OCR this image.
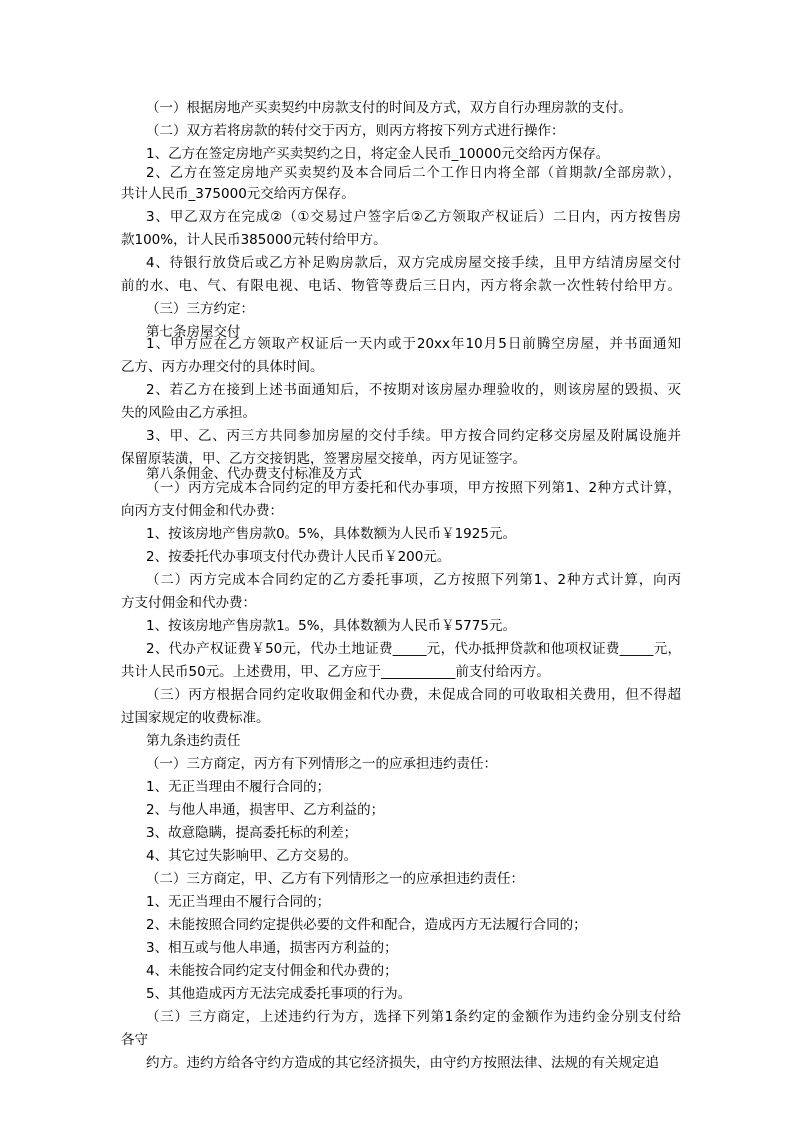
（一）根据房地产买卖契约中房款支付的时间及方式，双方自行办理房款的支付。

（二）双方若将房款的转付交于丙方，则丙方将按下列方式进行操作：

1、乙方在签定房地产买卖契约之日，将定金人民币_10000元交给丙方保存。

2、乙方在签定房地产买卖契约及本合同后二个工作日内将全部（首期款/全部房款），

共计人民币_375000元交给丙方保存。

3、甲乙双方在完成②（①交易过户签字后②乙方领取产权证后）二日内，丙方按售房

款100%，计人民币385000元转付给甲方。

4、待银行放贷后或乙方补足购房款后，双方完成房屋交接手续，且甲方结清房屋交付

前的水、电、气、有限电视、电话、物管等费后三日内，丙方将余款一次性转付给甲方。

（三）三方约定：

第七条房屋交付

1、甲方应在乙方领取产权证后一天内或于20xx年10月5日前腾空房屋，并书面通知

乙方、丙方办理交付的具体时间。

2、若乙方在接到上述书面通知后，不按期对该房屋办理验收的，则该房屋的毁损、灭

失的风险由乙方承担。

3、甲、乙、丙三方共同参加房屋的交付手续。甲方按合同约定移交房屋及附属设施并

保留原装潢，甲、乙方交接钥匙，签署房屋交接单，丙方见证签字。

第八条佣金、代办费支付标准及方式

（一）丙方完成本合同约定的甲方委托和代办事项，甲方按照下列第1、2种方式计算，

向丙方支付佣金和代办费：

1、按该房地产售房款0。5%，具体数额为人民币￥1925元。

2、按委托代办事项支付代办费计人民币￥200元。

（二）丙方完成本合同约定的乙方委托事项，乙方按照下列第1、2种方式计算，向丙

方支付佣金和代办费：

1、按该房地产售房款1。5%，具体数额为人民币￥5775元。

2、代办产权证费￥50元，代办土地证费_____元，代办抵押贷款和他项权证费_____元，

共计人民币50元。上述费用，甲、乙方应于___________前支付给丙方。

（三）丙方根据合同约定收取佣金和代办费，未促成合同的可收取相关费用，但不得超

过国家规定的收费标准。

第九条违约责任

（一）三方商定，丙方有下列情形之一的应承担违约责任：

1、无正当理由不履行合同的；

2、与他人串通，损害甲、乙方利益的；

3、故意隐瞒，提高委托标的利差；

4、其它过失影响甲、乙方交易的。

（二）三方商定，甲、乙方有下列情形之一的应承担违约责任：

1、无正当理由不履行合同的；

2、未能按照合同约定提供必要的文件和配合，造成丙方无法履行合同的；

3、相互或与他人串通，损害丙方利益的；

4、未能按合同约定支付佣金和代办费的；

5、其他造成丙方无法完成委托事项的行为。

（三）三方商定，上述违约行为方，选择下列第1条约定的金额作为违约金分别支付给

各守

约方。违约方给各守约方造成的其它经济损失，由守约方按照法律、法规的有关规定追
